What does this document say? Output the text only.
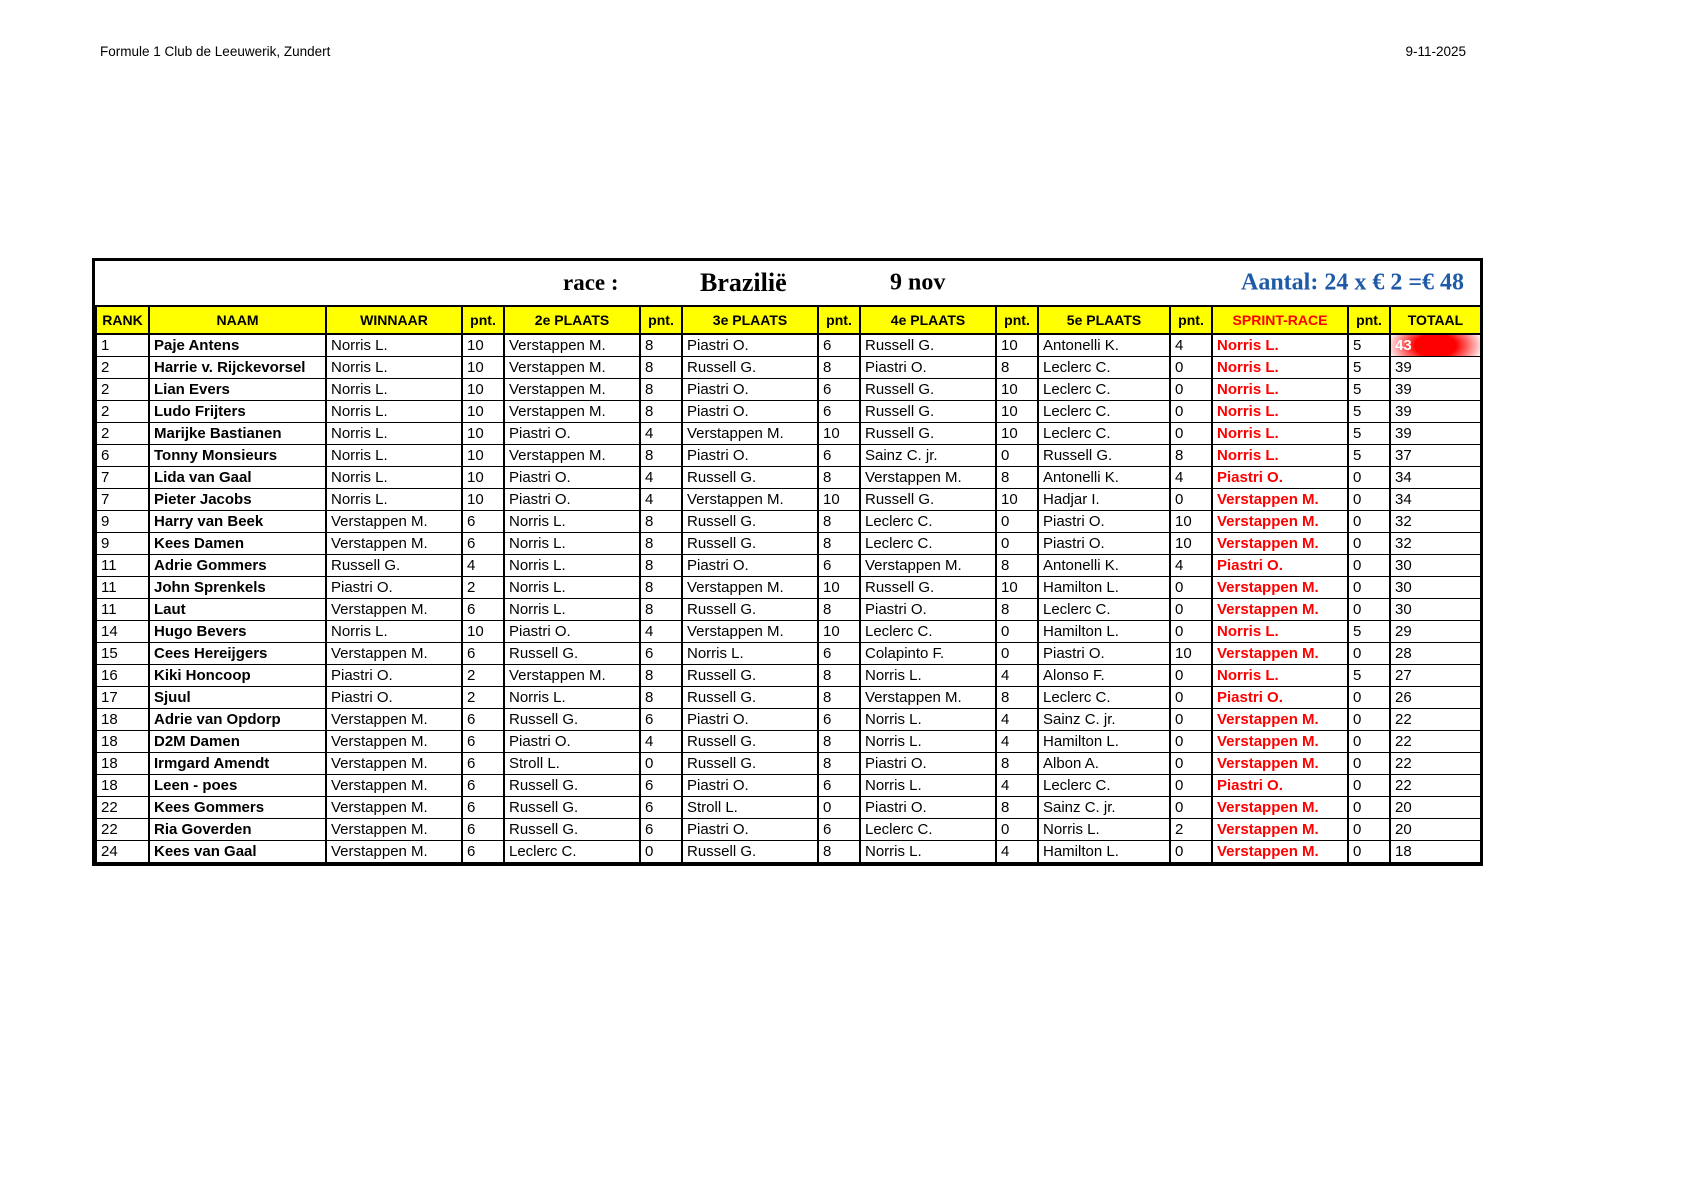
Formule 1 Club de Leeuwerik, Zundert	9-11-2025
race :	Brazilië	9 nov	Aantal: 24 x € 2 =€ 48
RANK	NAAM	WINNAAR	pnt.	2e PLAATS	pnt.	3e PLAATS	pnt.	4e PLAATS	pnt.	5e PLAATS	pnt.	SPRINT-RACE	pnt.	TOTAAL
1	Paje Antens	Norris L.	10	Verstappen M.	8	Piastri O.	6	Russell G.	10	Antonelli K.	4	Norris L.	5	43
2	Harrie v. Rijckevorsel	Norris L.	10	Verstappen M.	8	Russell G.	8	Piastri O.	8	Leclerc C.	0	Norris L.	5	39
2	Lian Evers	Norris L.	10	Verstappen M.	8	Piastri O.	6	Russell G.	10	Leclerc C.	0	Norris L.	5	39
2	Ludo Frijters	Norris L.	10	Verstappen M.	8	Piastri O.	6	Russell G.	10	Leclerc C.	0	Norris L.	5	39
2	Marijke Bastianen	Norris L.	10	Piastri O.	4	Verstappen M.	10	Russell G.	10	Leclerc C.	0	Norris L.	5	39
6	Tonny Monsieurs	Norris L.	10	Verstappen M.	8	Piastri O.	6	Sainz C. jr.	0	Russell G.	8	Norris L.	5	37
7	Lida van Gaal	Norris L.	10	Piastri O.	4	Russell G.	8	Verstappen M.	8	Antonelli K.	4	Piastri O.	0	34
7	Pieter Jacobs	Norris L.	10	Piastri O.	4	Verstappen M.	10	Russell G.	10	Hadjar I.	0	Verstappen M.	0	34
9	Harry van Beek	Verstappen M.	6	Norris L.	8	Russell G.	8	Leclerc C.	0	Piastri O.	10	Verstappen M.	0	32
9	Kees Damen	Verstappen M.	6	Norris L.	8	Russell G.	8	Leclerc C.	0	Piastri O.	10	Verstappen M.	0	32
11	Adrie Gommers	Russell G.	4	Norris L.	8	Piastri O.	6	Verstappen M.	8	Antonelli K.	4	Piastri O.	0	30
11	John Sprenkels	Piastri O.	2	Norris L.	8	Verstappen M.	10	Russell G.	10	Hamilton L.	0	Verstappen M.	0	30
11	Laut	Verstappen M.	6	Norris L.	8	Russell G.	8	Piastri O.	8	Leclerc C.	0	Verstappen M.	0	30
14	Hugo Bevers	Norris L.	10	Piastri O.	4	Verstappen M.	10	Leclerc C.	0	Hamilton L.	0	Norris L.	5	29
15	Cees Hereijgers	Verstappen M.	6	Russell G.	6	Norris L.	6	Colapinto F.	0	Piastri O.	10	Verstappen M.	0	28
16	Kiki Honcoop	Piastri O.	2	Verstappen M.	8	Russell G.	8	Norris L.	4	Alonso F.	0	Norris L.	5	27
17	Sjuul	Piastri O.	2	Norris L.	8	Russell G.	8	Verstappen M.	8	Leclerc C.	0	Piastri O.	0	26
18	Adrie van Opdorp	Verstappen M.	6	Russell G.	6	Piastri O.	6	Norris L.	4	Sainz C. jr.	0	Verstappen M.	0	22
18	D2M Damen	Verstappen M.	6	Piastri O.	4	Russell G.	8	Norris L.	4	Hamilton L.	0	Verstappen M.	0	22
18	Irmgard Amendt	Verstappen M.	6	Stroll L.	0	Russell G.	8	Piastri O.	8	Albon A.	0	Verstappen M.	0	22
18	Leen - poes	Verstappen M.	6	Russell G.	6	Piastri O.	6	Norris L.	4	Leclerc C.	0	Piastri O.	0	22
22	Kees Gommers	Verstappen M.	6	Russell G.	6	Stroll L.	0	Piastri O.	8	Sainz C. jr.	0	Verstappen M.	0	20
22	Ria Goverden	Verstappen M.	6	Russell G.	6	Piastri O.	6	Leclerc C.	0	Norris L.	2	Verstappen M.	0	20
24	Kees van Gaal	Verstappen M.	6	Leclerc C.	0	Russell G.	8	Norris L.	4	Hamilton L.	0	Verstappen M.	0	18
